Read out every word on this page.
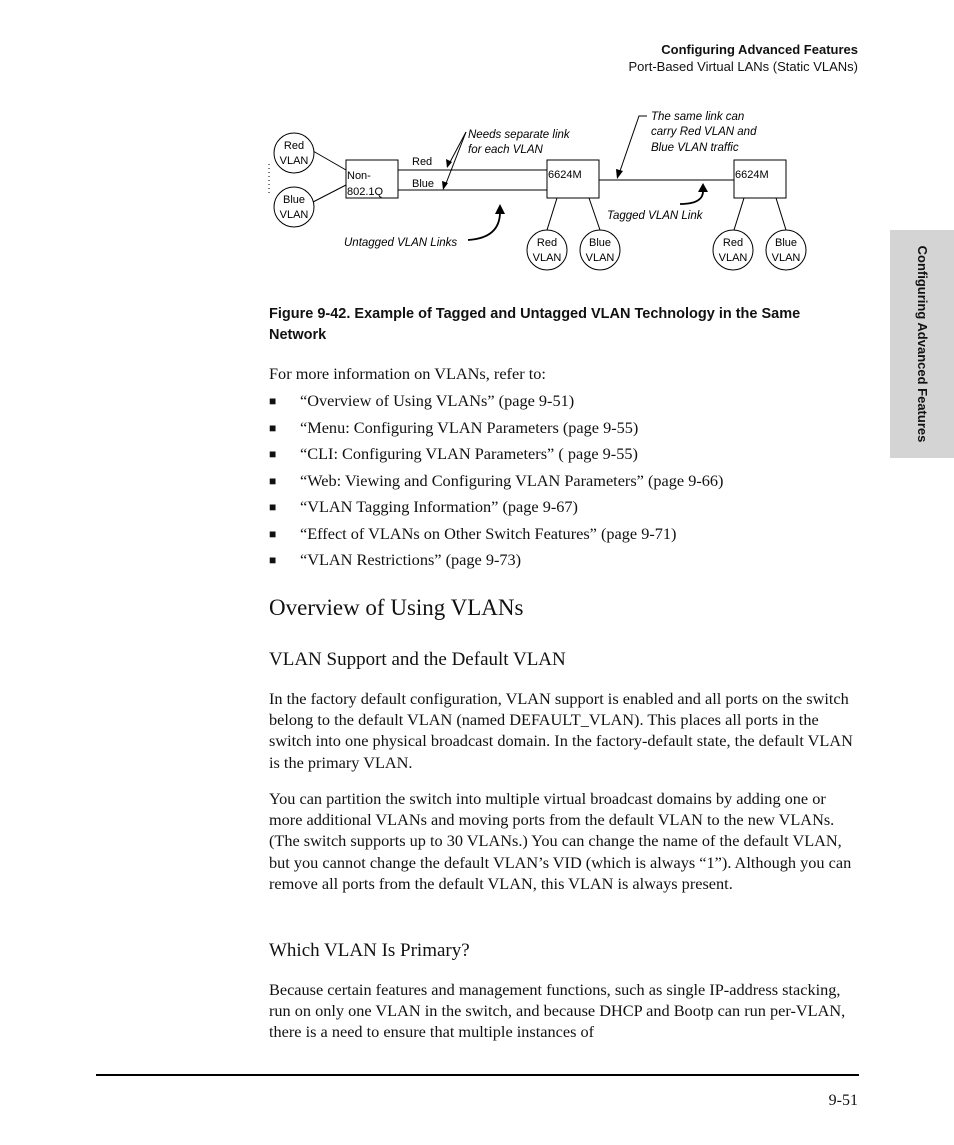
Configuring Advanced Features
Port-Based Virtual LANs (Static VLANs)
Configuring Advanced Features
Non-
802.1Q
Red
Blue
6624M	6624M
Red
VLAN
Blue
VLAN
Red
VLAN
Blue
VLAN
Red
VLAN
Blue
VLAN
Needs separate link
for each VLAN
The same link can
carry Red VLAN and
Blue VLAN traffic
Untagged VLAN Links
Tagged VLAN Link
Figure 9-42. Example of Tagged and Untagged VLAN Technology in the Same Network
For more information on VLANs, refer to:
■ “Overview of Using VLANs” (page 9-51)
■ “Menu: Configuring VLAN Parameters (page 9-55)
■ “CLI: Configuring VLAN Parameters” ( page 9-55)
■ “Web: Viewing and Configuring VLAN Parameters” (page 9-66)
■ “VLAN Tagging Information” (page 9-67)
■ “Effect of VLANs on Other Switch Features” (page 9-71)
■ “VLAN Restrictions” (page 9-73)
Overview of Using VLANs
VLAN Support and the Default VLAN
In the factory default configuration, VLAN support is enabled and all ports on the switch belong to the default VLAN (named DEFAULT_VLAN). This places all ports in the switch into one physical broadcast domain. In the factory-default state, the default VLAN is the primary VLAN.
You can partition the switch into multiple virtual broadcast domains by adding one or more additional VLANs and moving ports from the default VLAN to the new VLANs. (The switch supports up to 30 VLANs.) You can change the name of the default VLAN, but you cannot change the default VLAN’s VID (which is always “1”). Although you can remove all ports from the default VLAN, this VLAN is always present.
Which VLAN Is Primary?
Because certain features and management functions, such as single IP-address stacking, run on only one VLAN in the switch, and because DHCP and Bootp can run per-VLAN, there is a need to ensure that multiple instances of
9-51
